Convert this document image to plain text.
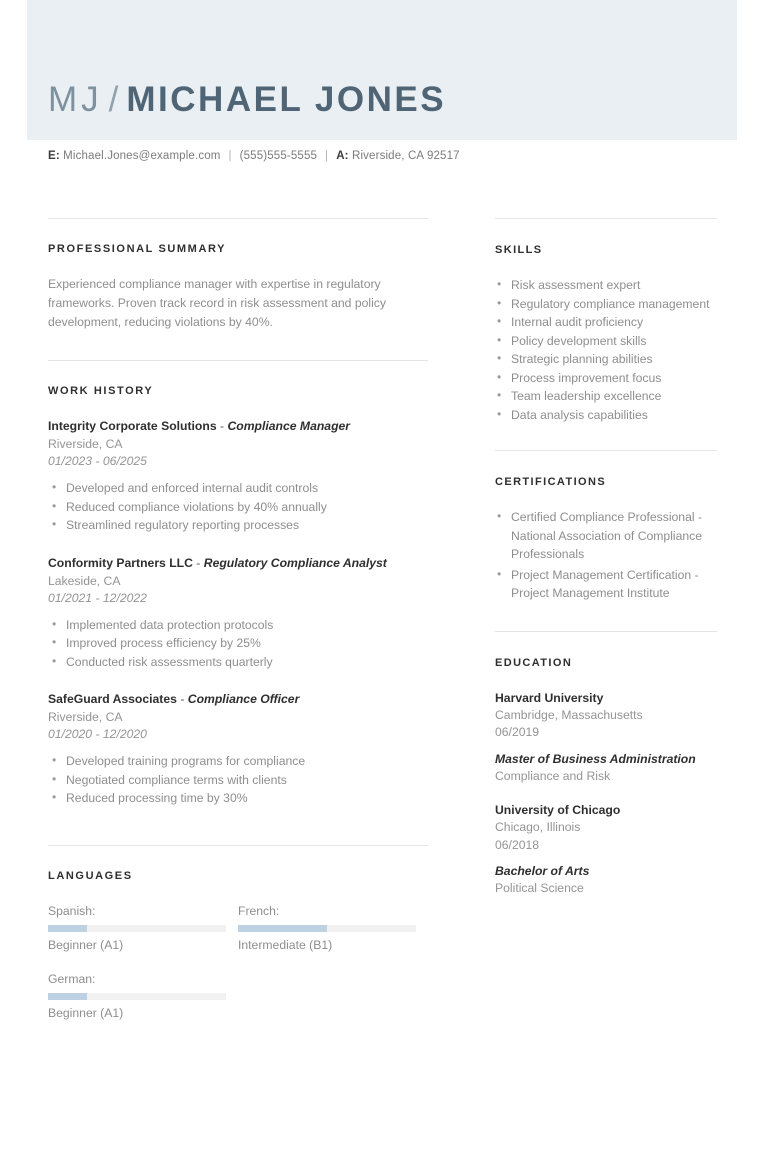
MJ / MICHAEL JONES
E: Michael.Jones@example.com | (555)555-5555 | A: Riverside, CA 92517
PROFESSIONAL SUMMARY
Experienced compliance manager with expertise in regulatory frameworks. Proven track record in risk assessment and policy development, reducing violations by 40%.
WORK HISTORY
Integrity Corporate Solutions - Compliance Manager
Riverside, CA
01/2023 - 06/2025
• Developed and enforced internal audit controls
• Reduced compliance violations by 40% annually
• Streamlined regulatory reporting processes
Conformity Partners LLC - Regulatory Compliance Analyst
Lakeside, CA
01/2021 - 12/2022
• Implemented data protection protocols
• Improved process efficiency by 25%
• Conducted risk assessments quarterly
SafeGuard Associates - Compliance Officer
Riverside, CA
01/2020 - 12/2020
• Developed training programs for compliance
• Negotiated compliance terms with clients
• Reduced processing time by 30%
LANGUAGES
Spanish:
Beginner (A1)
French:
Intermediate (B1)
German:
Beginner (A1)
SKILLS
• Risk assessment expert
• Regulatory compliance management
• Internal audit proficiency
• Policy development skills
• Strategic planning abilities
• Process improvement focus
• Team leadership excellence
• Data analysis capabilities
CERTIFICATIONS
• Certified Compliance Professional - National Association of Compliance Professionals
• Project Management Certification - Project Management Institute
EDUCATION
Harvard University
Cambridge, Massachusetts
06/2019
Master of Business Administration
Compliance and Risk
University of Chicago
Chicago, Illinois
06/2018
Bachelor of Arts
Political Science
